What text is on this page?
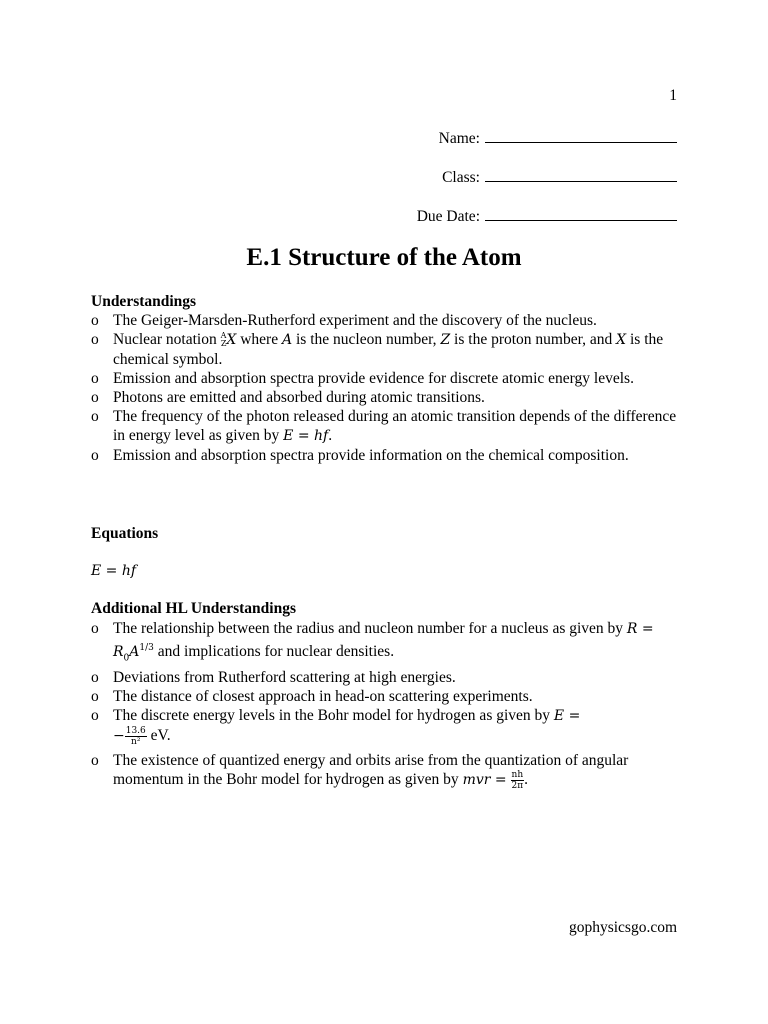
1
Name:
Class:
Due Date:
E.1 Structure of the Atom
Understandings
o The Geiger-Marsden-Rutherford experiment and the discovery of the nucleus.
o Nuclear notation A
Z X where A is the nucleon number, Z is the proton number, and X is the chemical symbol.
o Emission and absorption spectra provide evidence for discrete atomic energy levels.
o Photons are emitted and absorbed during atomic transitions.
o The frequency of the photon released during an atomic transition depends of the difference in energy level as given by E = hf.
o Emission and absorption spectra provide information on the chemical composition.
Equations
E = hf
Additional HL Understandings
o The relationship between the radius and nucleon number for a nucleus as given by $R = R_0A^{1/3}$ and implications for nuclear densities.
o Deviations from Rutherford scattering at high energies.
o The distance of closest approach in head-on scattering experiments.
o The discrete energy levels in the Bohr model for hydrogen as given by E =
− $\frac{13.6}{\text{n²}}$ eV.
o The existence of quantized energy and orbits arise from the quantization of angular momentum in the Bohr model for hydrogen as given by mvr = $\frac{nh}{2\pi}$ .
gophysicsgo.com
